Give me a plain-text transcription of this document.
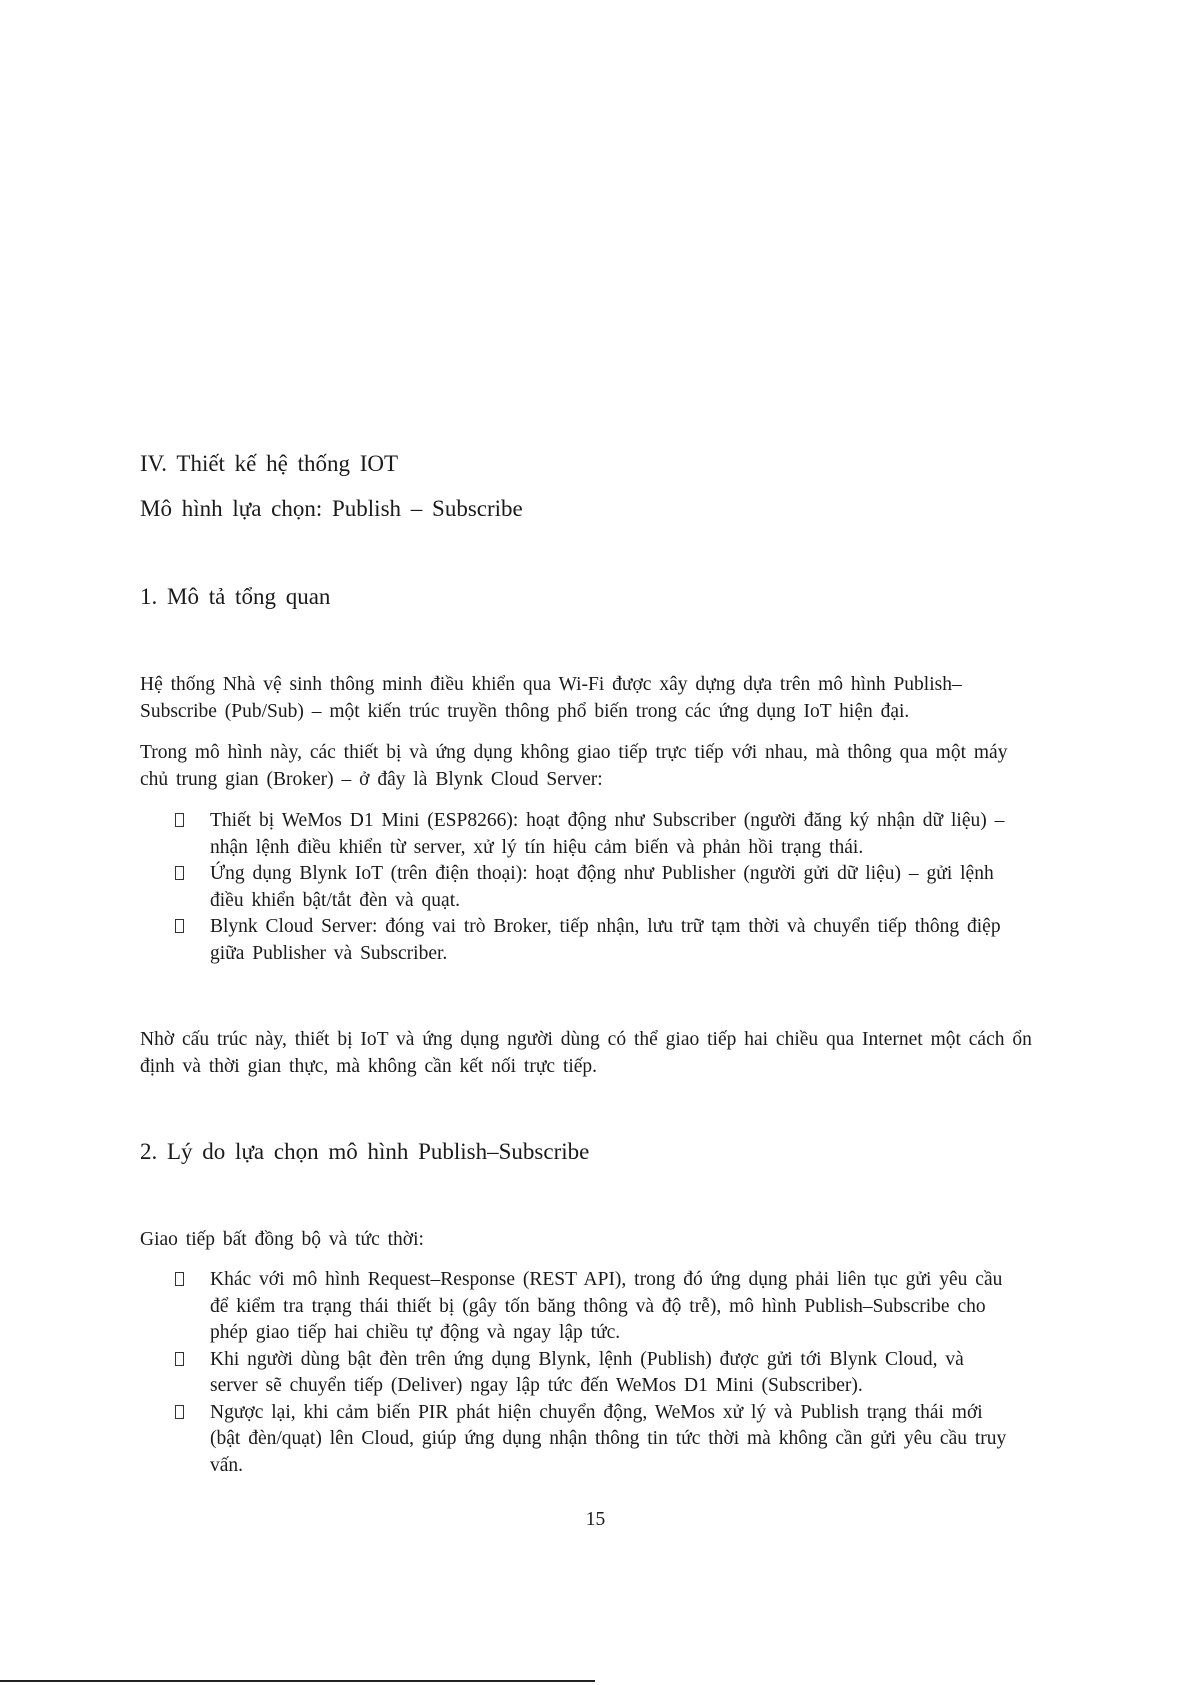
IV. Thiết kế hệ thống IOT
Mô hình lựa chọn: Publish – Subscribe
1. Mô tả tổng quan
Hệ thống Nhà vệ sinh thông minh điều khiển qua Wi-Fi được xây dựng dựa trên mô hình Publish–
Subscribe (Pub/Sub) – một kiến trúc truyền thông phổ biến trong các ứng dụng IoT hiện đại.
Trong mô hình này, các thiết bị và ứng dụng không giao tiếp trực tiếp với nhau, mà thông qua một máy
chủ trung gian (Broker) – ở đây là Blynk Cloud Server:
Thiết bị WeMos D1 Mini (ESP8266): hoạt động như Subscriber (người đăng ký nhận dữ liệu) –
nhận lệnh điều khiển từ server, xử lý tín hiệu cảm biến và phản hồi trạng thái.
Ứng dụng Blynk IoT (trên điện thoại): hoạt động như Publisher (người gửi dữ liệu) – gửi lệnh
điều khiển bật/tắt đèn và quạt.
Blynk Cloud Server: đóng vai trò Broker, tiếp nhận, lưu trữ tạm thời và chuyển tiếp thông điệp
giữa Publisher và Subscriber.
Nhờ cấu trúc này, thiết bị IoT và ứng dụng người dùng có thể giao tiếp hai chiều qua Internet một cách ổn
định và thời gian thực, mà không cần kết nối trực tiếp.
2. Lý do lựa chọn mô hình Publish–Subscribe
Giao tiếp bất đồng bộ và tức thời:
Khác với mô hình Request–Response (REST API), trong đó ứng dụng phải liên tục gửi yêu cầu
để kiểm tra trạng thái thiết bị (gây tốn băng thông và độ trễ), mô hình Publish–Subscribe cho
phép giao tiếp hai chiều tự động và ngay lập tức.
Khi người dùng bật đèn trên ứng dụng Blynk, lệnh (Publish) được gửi tới Blynk Cloud, và
server sẽ chuyển tiếp (Deliver) ngay lập tức đến WeMos D1 Mini (Subscriber).
Ngược lại, khi cảm biến PIR phát hiện chuyển động, WeMos xử lý và Publish trạng thái mới
(bật đèn/quạt) lên Cloud, giúp ứng dụng nhận thông tin tức thời mà không cần gửi yêu cầu truy
vấn.
15
